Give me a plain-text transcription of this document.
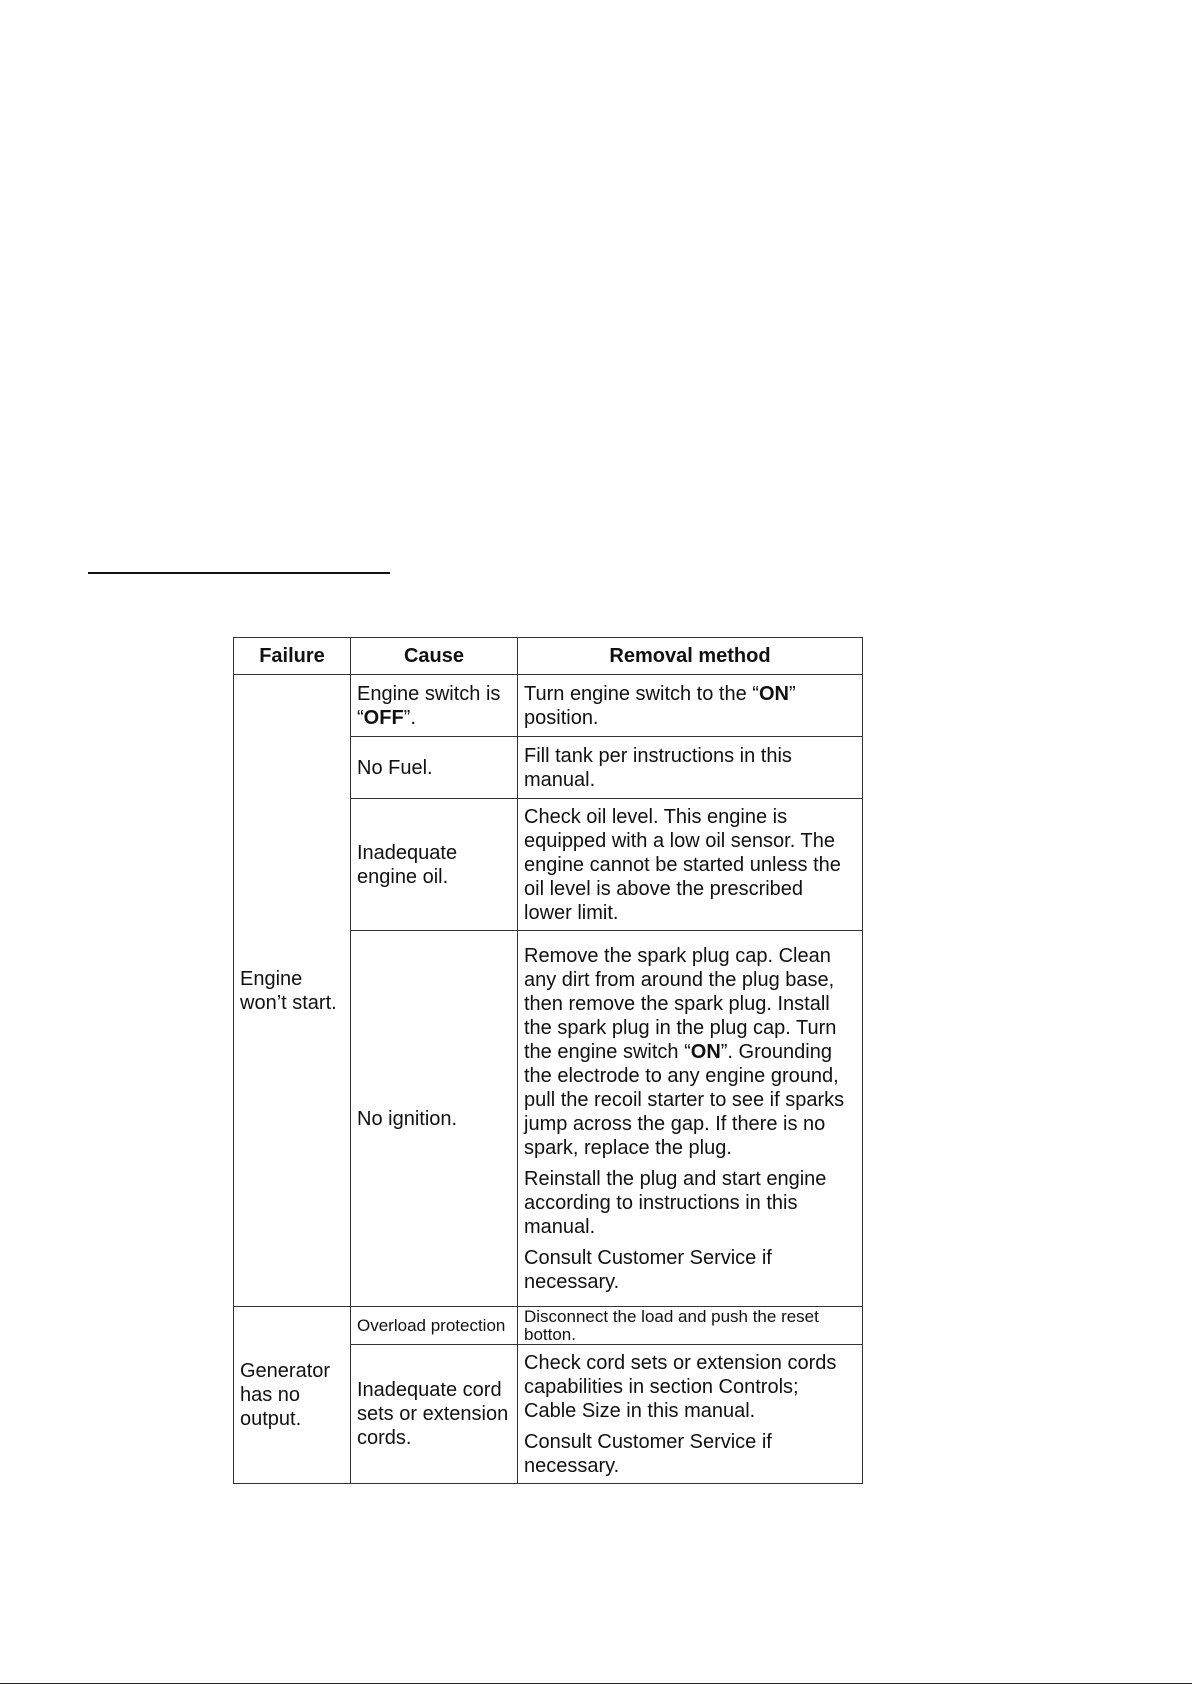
Failure	Cause	Removal method
Engine won’t start.	Engine switch is “OFF”.	Turn engine switch to the “ON” position.
	No Fuel.	Fill tank per instructions in this manual.
	Inadequate engine oil.	Check oil level. This engine is equipped with a low oil sensor. The engine cannot be started unless the oil level is above the prescribed lower limit.
	No ignition.	Remove the spark plug cap. Clean any dirt from around the plug base, then remove the spark plug. Install the spark plug in the plug cap. Turn the engine switch “ON”. Grounding the electrode to any engine ground, pull the recoil starter to see if sparks jump across the gap. If there is no spark, replace the plug.

Reinstall the plug and start engine according to instructions in this manual.

Consult Customer Service if necessary.

Generator has no output.	Overload protection	Disconnect the load and push the reset botton.
	Inadequate cord sets or extension cords.	Check cord sets or extension cords capabilities in section Controls; Cable Size in this manual.

Consult Customer Service if necessary.
